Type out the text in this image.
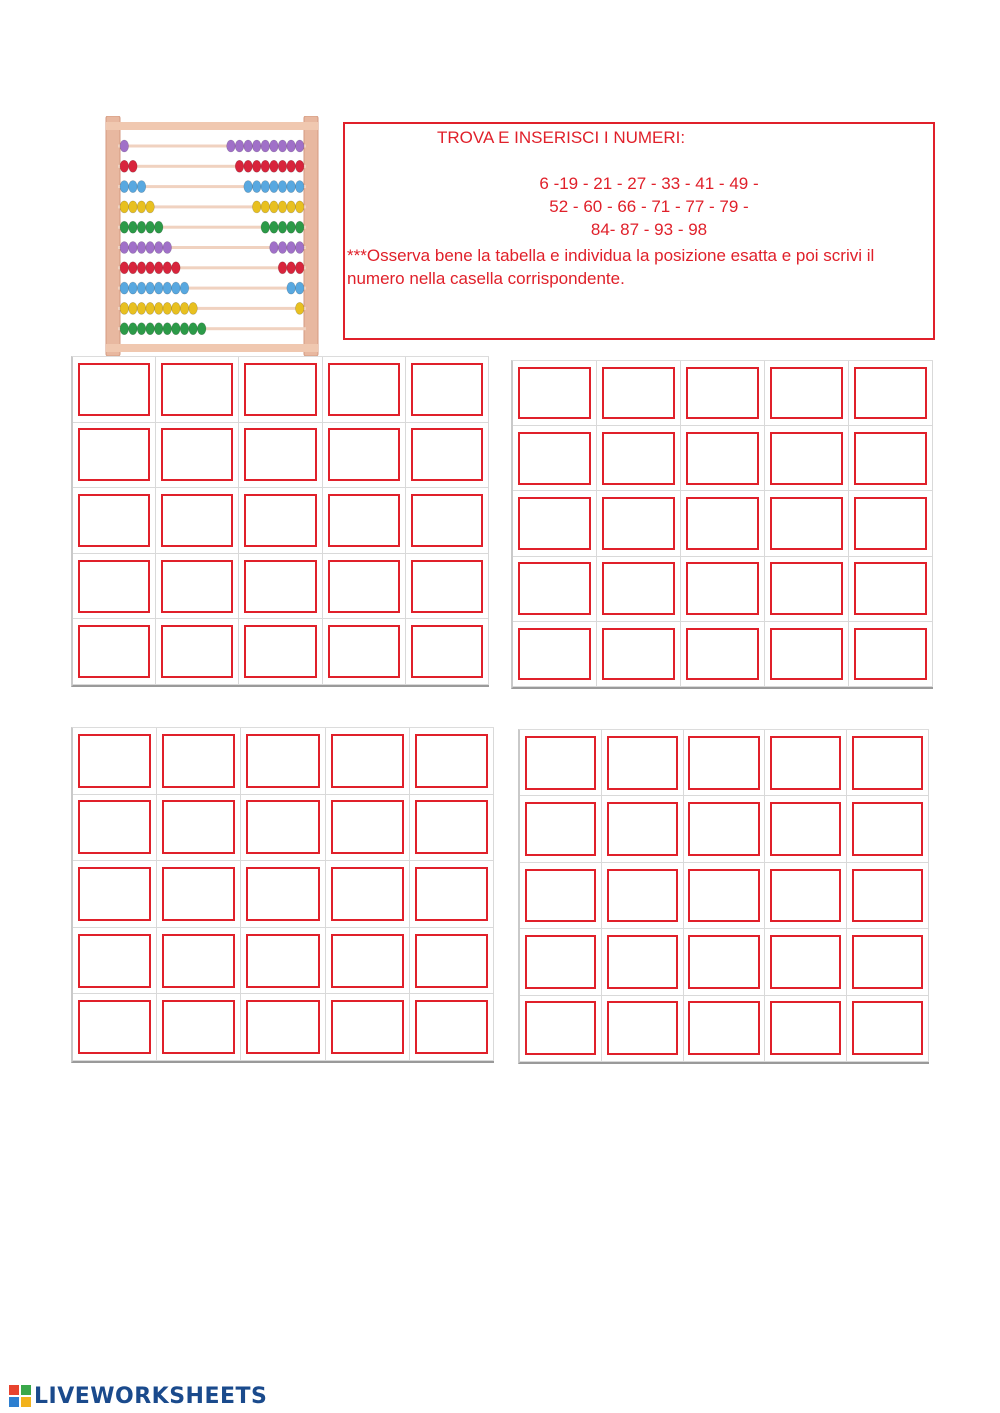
TROVA E INSERISCI I NUMERI:
6 -19 - 21 - 27 - 33 - 41 - 49 -
52 - 60 - 66 - 71 - 77 - 79 -
84- 87 - 93 - 98
***Osserva bene la tabella e individua la posizione esatta e poi scrivi il numero nella casella corrispondente.
LIVEWORKSHEETS
